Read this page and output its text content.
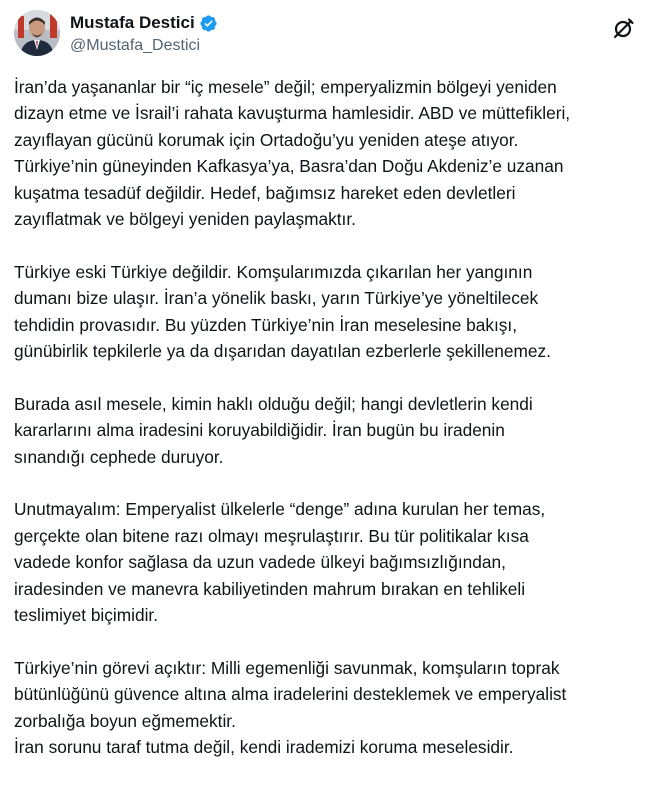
Mustafa Destici
@Mustafa_Destici

İran’da yaşananlar bir “iç mesele” değil; emperyalizmin bölgeyi yeniden
dizayn etme ve İsrail’i rahata kavuşturma hamlesidir. ABD ve müttefikleri,
zayıflayan gücünü korumak için Ortadoğu’yu yeniden ateşe atıyor.
Türkiye’nin güneyinden Kafkasya’ya, Basra’dan Doğu Akdeniz’e uzanan
kuşatma tesadüf değildir. Hedef, bağımsız hareket eden devletleri
zayıflatmak ve bölgeyi yeniden paylaşmaktır.

Türkiye eski Türkiye değildir. Komşularımızda çıkarılan her yangının
dumanı bize ulaşır. İran’a yönelik baskı, yarın Türkiye’ye yöneltilecek
tehdidin provasıdır. Bu yüzden Türkiye’nin İran meselesine bakışı,
günübirlik tepkilerle ya da dışarıdan dayatılan ezberlerle şekillenemez.

Burada asıl mesele, kimin haklı olduğu değil; hangi devletlerin kendi
kararlarını alma iradesini koruyabildiğidir. İran bugün bu iradenin
sınandığı cephede duruyor.

Unutmayalım: Emperyalist ülkelerle “denge” adına kurulan her temas,
gerçekte olan bitene razı olmayı meşrulaştırır. Bu tür politikalar kısa
vadede konfor sağlasa da uzun vadede ülkeyi bağımsızlığından,
iradesinden ve manevra kabiliyetinden mahrum bırakan en tehlikeli
teslimiyet biçimidir.

Türkiye’nin görevi açıktır: Milli egemenliği savunmak, komşuların toprak
bütünlüğünü güvence altına alma iradelerini desteklemek ve emperyalist
zorbalığa boyun eğmemektir.
İran sorunu taraf tutma değil, kendi irademizi koruma meselesidir.
